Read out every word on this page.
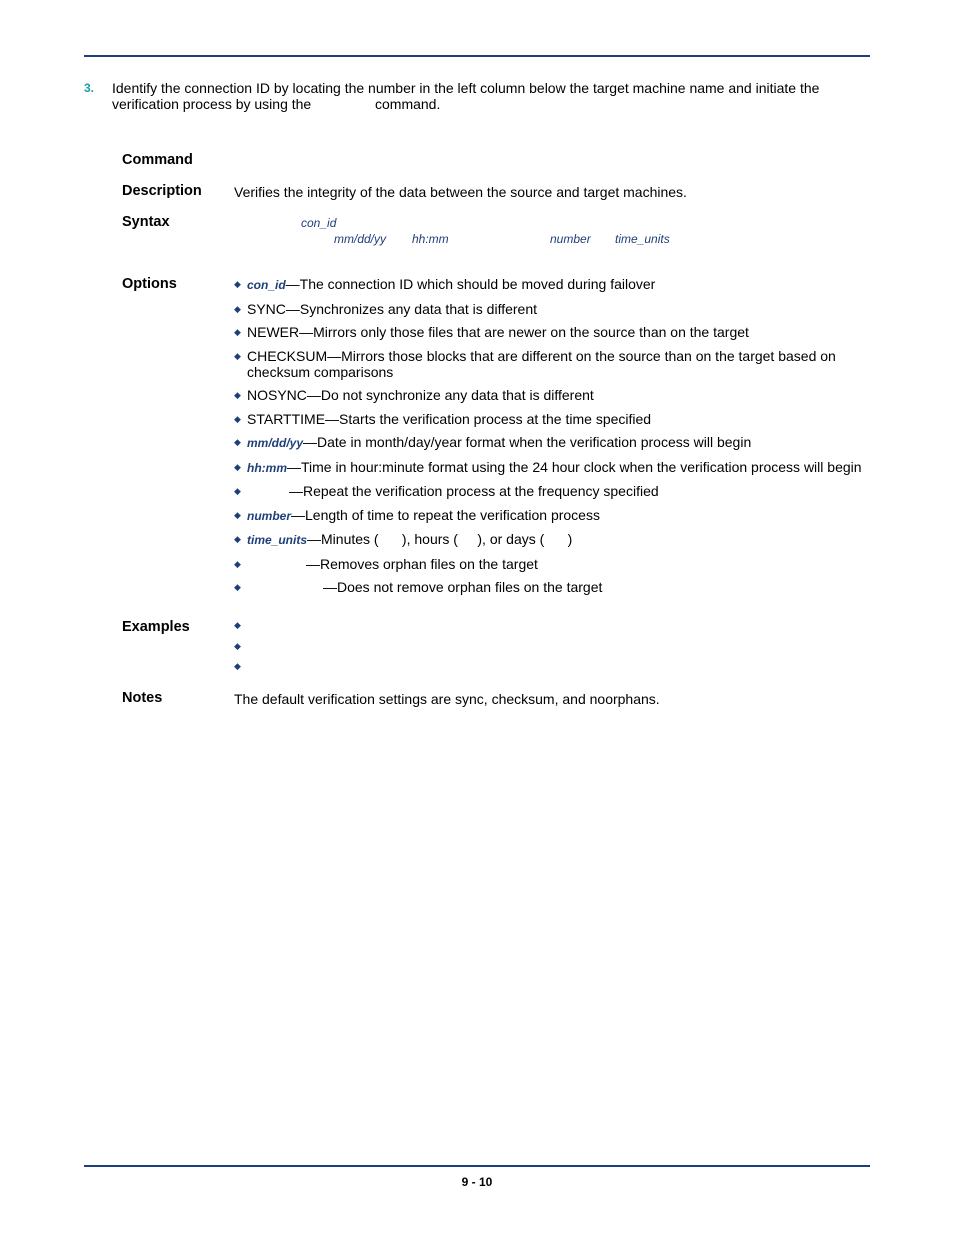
3. Identify the connection ID by locating the number in the left column below the target machine name and initiate the verification process by using the	command.
Command
Description Verifies the integrity of the data between the source and target machines.
Syntax	con_id
mm/dd/yy hh:mm	number time_units
Options	◆ con_id—The connection ID which should be moved during failover
◆ SYNC—Synchronizes any data that is different
◆ NEWER—Mirrors only those files that are newer on the source than on the target
◆ CHECKSUM—Mirrors those blocks that are different on the source than on the target based on checksum comparisons
◆ NOSYNC—Do not synchronize any data that is different
◆ STARTTIME—Starts the verification process at the time specified
◆ mm/dd/yy—Date in month/day/year format when the verification process will begin
◆ hh:mm—Time in hour:minute format using the 24 hour clock when the verification process will begin
◆	—Repeat the verification process at the frequency specified
◆ number—Length of time to repeat the verification process
◆ time_units—Minutes (      ), hours (     ), or days (      )
◆	—Removes orphan files on the target
◆	—Does not remove orphan files on the target
Examples	◆
◆
◆
Notes	The default verification settings are sync, checksum, and noorphans.
9 - 10
